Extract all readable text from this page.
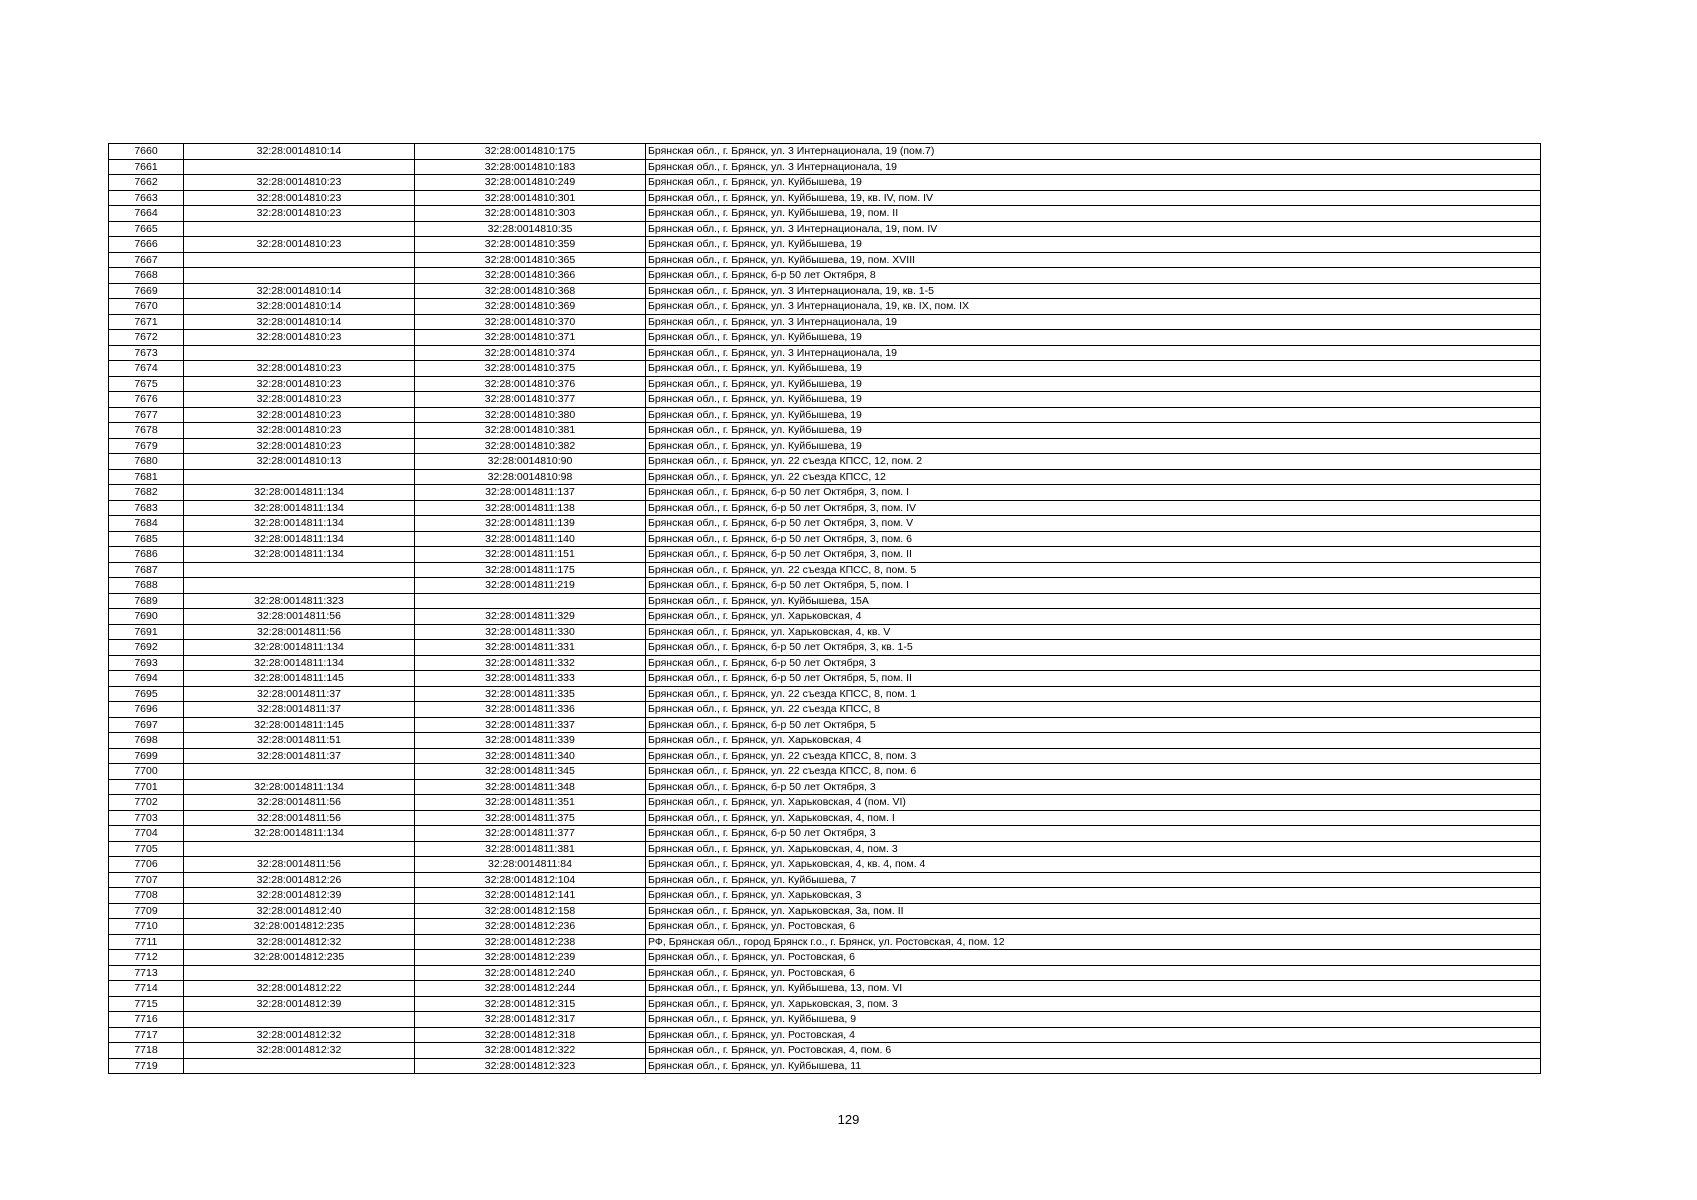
7660	32:28:0014810:14	32:28:0014810:175	Брянская обл., г. Брянск, ул. 3 Интернационала, 19 (пом.7)
7661		32:28:0014810:183	Брянская обл., г. Брянск, ул. 3 Интернационала, 19
7662	32:28:0014810:23	32:28:0014810:249	Брянская обл., г. Брянск, ул. Куйбышева, 19
7663	32:28:0014810:23	32:28:0014810:301	Брянская обл., г. Брянск, ул. Куйбышева, 19, кв. IV, пом. IV
7664	32:28:0014810:23	32:28:0014810:303	Брянская обл., г. Брянск, ул. Куйбышева, 19, пом. II
7665		32:28:0014810:35	Брянская обл., г. Брянск, ул. 3 Интернационала, 19, пом. IV
7666	32:28:0014810:23	32:28:0014810:359	Брянская обл., г. Брянск, ул. Куйбышева, 19
7667		32:28:0014810:365	Брянская обл., г. Брянск, ул. Куйбышева, 19, пом. XVIII
7668		32:28:0014810:366	Брянская обл., г. Брянск, б-р 50 лет Октября, 8
7669	32:28:0014810:14	32:28:0014810:368	Брянская обл., г. Брянск, ул. 3 Интернационала, 19, кв. 1-5
7670	32:28:0014810:14	32:28:0014810:369	Брянская обл., г. Брянск, ул. 3 Интернационала, 19, кв. IX, пом. IX
7671	32:28:0014810:14	32:28:0014810:370	Брянская обл., г. Брянск, ул. 3 Интернационала, 19
7672	32:28:0014810:23	32:28:0014810:371	Брянская обл., г. Брянск, ул. Куйбышева, 19
7673		32:28:0014810:374	Брянская обл., г. Брянск, ул. 3 Интернационала, 19
7674	32:28:0014810:23	32:28:0014810:375	Брянская обл., г. Брянск, ул. Куйбышева, 19
7675	32:28:0014810:23	32:28:0014810:376	Брянская обл., г. Брянск, ул. Куйбышева, 19
7676	32:28:0014810:23	32:28:0014810:377	Брянская обл., г. Брянск, ул. Куйбышева, 19
7677	32:28:0014810:23	32:28:0014810:380	Брянская обл., г. Брянск, ул. Куйбышева, 19
7678	32:28:0014810:23	32:28:0014810:381	Брянская обл., г. Брянск, ул. Куйбышева, 19
7679	32:28:0014810:23	32:28:0014810:382	Брянская обл., г. Брянск, ул. Куйбышева, 19
7680	32:28:0014810:13	32:28:0014810:90	Брянская обл., г. Брянск, ул. 22 съезда КПСС, 12, пом. 2
7681		32:28:0014810:98	Брянская обл., г. Брянск, ул. 22 съезда КПСС, 12
7682	32:28:0014811:134	32:28:0014811:137	Брянская обл., г. Брянск, б-р 50 лет Октября, 3, пом. I
7683	32:28:0014811:134	32:28:0014811:138	Брянская обл., г. Брянск, б-р 50 лет Октября, 3, пом. IV
7684	32:28:0014811:134	32:28:0014811:139	Брянская обл., г. Брянск, б-р 50 лет Октября, 3, пом. V
7685	32:28:0014811:134	32:28:0014811:140	Брянская обл., г. Брянск, б-р 50 лет Октября, 3, пом. 6
7686	32:28:0014811:134	32:28:0014811:151	Брянская обл., г. Брянск, б-р 50 лет Октября, 3, пом. II
7687		32:28:0014811:175	Брянская обл., г. Брянск, ул. 22 съезда КПСС, 8, пом. 5
7688		32:28:0014811:219	Брянская обл., г. Брянск, б-р 50 лет Октября, 5, пом. I
7689	32:28:0014811:323		Брянская обл., г. Брянск, ул. Куйбышева, 15А
7690	32:28:0014811:56	32:28:0014811:329	Брянская обл., г. Брянск, ул. Харьковская, 4
7691	32:28:0014811:56	32:28:0014811:330	Брянская обл., г. Брянск, ул. Харьковская, 4, кв. V
7692	32:28:0014811:134	32:28:0014811:331	Брянская обл., г. Брянск, б-р 50 лет Октября, 3, кв. 1-5
7693	32:28:0014811:134	32:28:0014811:332	Брянская обл., г. Брянск, б-р 50 лет Октября, 3
7694	32:28:0014811:145	32:28:0014811:333	Брянская обл., г. Брянск, б-р 50 лет Октября, 5, пом. II
7695	32:28:0014811:37	32:28:0014811:335	Брянская обл., г. Брянск, ул. 22 съезда КПСС, 8, пом. 1
7696	32:28:0014811:37	32:28:0014811:336	Брянская обл., г. Брянск, ул. 22 съезда КПСС, 8
7697	32:28:0014811:145	32:28:0014811:337	Брянская обл., г. Брянск, б-р 50 лет Октября, 5
7698	32:28:0014811:51	32:28:0014811:339	Брянская обл., г. Брянск, ул. Харьковская, 4
7699	32:28:0014811:37	32:28:0014811:340	Брянская обл., г. Брянск, ул. 22 съезда КПСС, 8, пом. 3
7700		32:28:0014811:345	Брянская обл., г. Брянск, ул. 22 съезда КПСС, 8, пом. 6
7701	32:28:0014811:134	32:28:0014811:348	Брянская обл., г. Брянск, б-р 50 лет Октября, 3
7702	32:28:0014811:56	32:28:0014811:351	Брянская обл., г. Брянск, ул. Харьковская, 4 (пом. VI)
7703	32:28:0014811:56	32:28:0014811:375	Брянская обл., г. Брянск, ул. Харьковская, 4, пом. I
7704	32:28:0014811:134	32:28:0014811:377	Брянская обл., г. Брянск, б-р 50 лет Октября, 3
7705		32:28:0014811:381	Брянская обл., г. Брянск, ул. Харьковская, 4, пом. 3
7706	32:28:0014811:56	32:28:0014811:84	Брянская обл., г. Брянск, ул. Харьковская, 4, кв. 4, пом. 4
7707	32:28:0014812:26	32:28:0014812:104	Брянская обл., г. Брянск, ул. Куйбышева, 7
7708	32:28:0014812:39	32:28:0014812:141	Брянская обл., г. Брянск, ул. Харьковская, 3
7709	32:28:0014812:40	32:28:0014812:158	Брянская обл., г. Брянск, ул. Харьковская, 3а, пом. II
7710	32:28:0014812:235	32:28:0014812:236	Брянская обл., г. Брянск, ул. Ростовская, 6
7711	32:28:0014812:32	32:28:0014812:238	РФ, Брянская обл., город Брянск г.о., г. Брянск, ул. Ростовская, 4, пом. 12
7712	32:28:0014812:235	32:28:0014812:239	Брянская обл., г. Брянск, ул. Ростовская, 6
7713		32:28:0014812:240	Брянская обл., г. Брянск, ул. Ростовская, 6
7714	32:28:0014812:22	32:28:0014812:244	Брянская обл., г. Брянск, ул. Куйбышева, 13, пом. VI
7715	32:28:0014812:39	32:28:0014812:315	Брянская обл., г. Брянск, ул. Харьковская, 3, пом. 3
7716		32:28:0014812:317	Брянская обл., г. Брянск, ул. Куйбышева, 9
7717	32:28:0014812:32	32:28:0014812:318	Брянская обл., г. Брянск, ул. Ростовская, 4
7718	32:28:0014812:32	32:28:0014812:322	Брянская обл., г. Брянск, ул. Ростовская, 4, пом. 6
7719		32:28:0014812:323	Брянская обл., г. Брянск, ул. Куйбышева, 11
129
